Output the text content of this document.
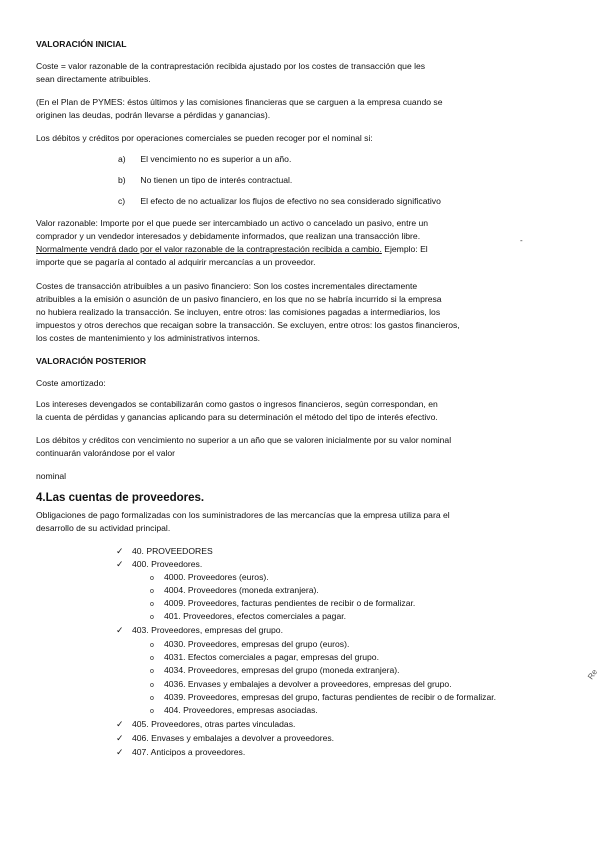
VALORACIÓN INICIAL
Coste = valor razonable de la contraprestación recibida ajustado por los costes de transacción que les
sean directamente atribuibles.
(En el Plan de PYMES: éstos últimos y las comisiones financieras que se carguen a la empresa cuando se
originen las deudas, podrán llevarse a pérdidas y ganancias).
Los débitos y créditos por operaciones comerciales se pueden recoger por el nominal si:
a) El vencimiento no es superior a un año.
b) No tienen un tipo de interés contractual.
c) El efecto de no actualizar los flujos de efectivo no sea considerado significativo
Valor razonable: Importe por el que puede ser intercambiado un activo o cancelado un pasivo, entre un
comprador y un vendedor interesados y debidamente informados, que realizan una transacción libre.
Normalmente vendrá dado por el valor razonable de la contraprestación recibida a cambio. Ejemplo: El
importe que se pagaría al contado al adquirir mercancías a un proveedor.
Costes de transacción atribuibles a un pasivo financiero: Son los costes incrementales directamente
atribuibles a la emisión o asunción de un pasivo financiero, en los que no se habría incurrido si la empresa
no hubiera realizado la transacción. Se incluyen, entre otros: las comisiones pagadas a intermediarios, los
impuestos y otros derechos que recaigan sobre la transacción. Se excluyen, entre otros: los gastos financieros,
los costes de mantenimiento y los administrativos internos.
VALORACIÓN POSTERIOR
Coste amortizado:
Los intereses devengados se contabilizarán como gastos o ingresos financieros, según correspondan, en
la cuenta de pérdidas y ganancias aplicando para su determinación el método del tipo de interés efectivo.
Los débitos y créditos con vencimiento no superior a un año que se valoren inicialmente por su valor nominal
continuarán valorándose por el valor
nominal
4.Las cuentas de proveedores.
Obligaciones de pago formalizadas con los suministradores de las mercancías que la empresa utiliza para el
desarrollo de su actividad principal.
✓ 40. PROVEEDORES
✓ 400. Proveedores.
o 4000. Proveedores (euros).
o 4004. Proveedores (moneda extranjera).
o 4009. Proveedores, facturas pendientes de recibir o de formalizar.
o 401. Proveedores, efectos comerciales a pagar.
✓ 403. Proveedores, empresas del grupo.
o 4030. Proveedores, empresas del grupo (euros).
o 4031. Efectos comerciales a pagar, empresas del grupo.
o 4034. Proveedores, empresas del grupo (moneda extranjera).
o 4036. Envases y embalajes a devolver a proveedores, empresas del grupo.
o 4039. Proveedores, empresas del grupo, facturas pendientes de recibir o de formalizar.
o 404. Proveedores, empresas asociadas.
✓ 405. Proveedores, otras partes vinculadas.
✓ 406. Envases y embalajes a devolver a proveedores.
✓ 407. Anticipos a proveedores.
-
Re
